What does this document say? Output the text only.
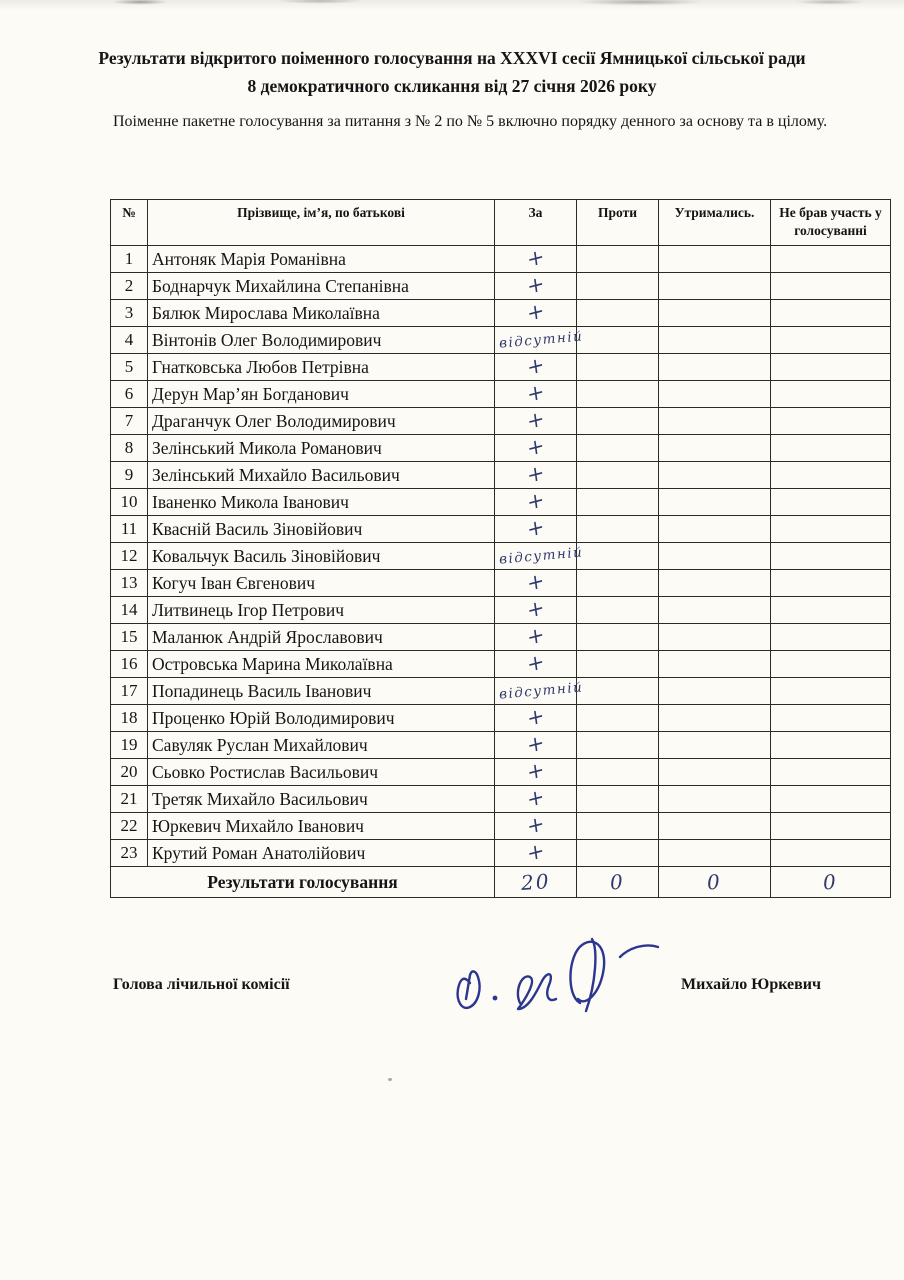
Результати відкритого поіменного голосування на XXXVI сесії Ямницької сільської ради
8 демократичного скликання від 27 січня 2026 року
Поіменне пакетне голосування за питання з № 2 по № 5 включно порядку денного за основу та в цілому.
№	Прізвище, ім’я, по батькові	За	Проти	Утримались.	Не брав участь у голосуванні
1	Антоняк Марія Романівна	+			
2	Боднарчук Михайлина Степанівна	+			
3	Бялюк Мирослава Миколаївна	+			
4	Вінтонів Олег Володимирович	відсутній			
5	Гнатковська Любов Петрівна	+			
6	Дерун Мар’ян Богданович	+			
7	Драганчук Олег Володимирович	+			
8	Зелінський Микола Романович	+			
9	Зелінський Михайло Васильович	+			
10	Іваненко Микола Іванович	+			
11	Квасній Василь Зіновійович	+			
12	Ковальчук Василь Зіновійович	відсутній			
13	Когуч Іван Євгенович	+			
14	Литвинець Ігор Петрович	+			
15	Маланюк Андрій Ярославович	+			
16	Островська Марина Миколаївна	+			
17	Попадинець Василь Іванович	відсутній			
18	Проценко Юрій Володимирович	+			
19	Савуляк Руслан Михайлович	+			
20	Сьовко Ростислав Васильович	+			
21	Третяк Михайло Васильович	+			
22	Юркевич Михайло Іванович	+			
23	Крутий Роман Анатолійович	+			
Результати голосування		20	0	0	0
Голова лічильної комісії	Михайло Юркевич
